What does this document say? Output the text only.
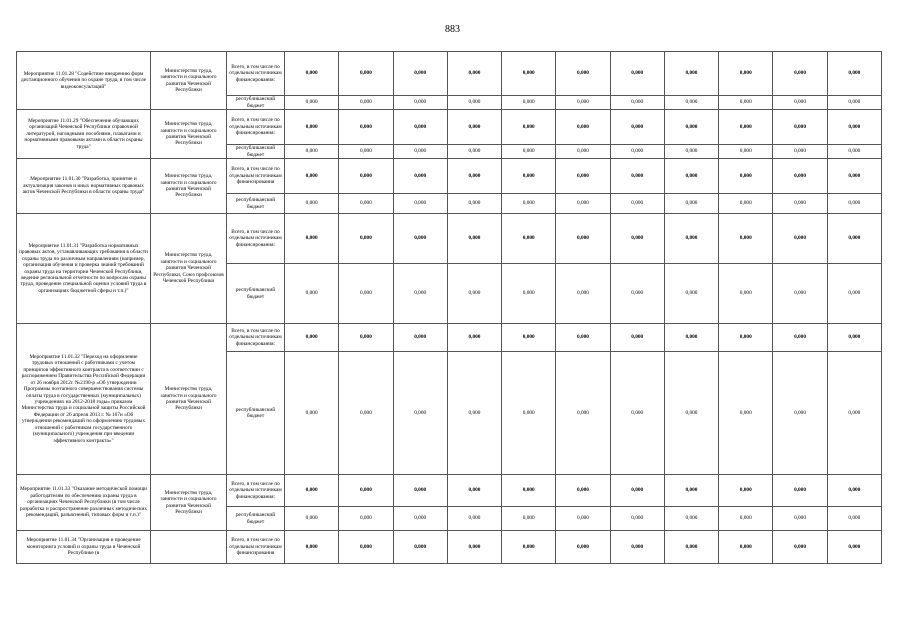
883
Мероприятие 11.01.28 "Содействие внедрению форм дистанционного обучения по охране труда, в том числе видеоконсультаций"	Министерство труда, занятости и социального развития Чеченской Республики	Всего, в том числе по отдельным источникам финансирования:	0,000	0,000	0,000	0,000	0,000	0,000	0,000	0,000	0,000	0,000	0,000
		республиканский бюджет	0,000	0,000	0,000	0,000	0,000	0,000	0,000	0,000	0,000	0,000	0,000
Мероприятие 11.01.29 "Обеспечение обучающих организаций Чеченской Республики справочной литературой, наглядными пособиями, плакатами и нормативными правовыми актами в области охраны труда"	Министерство труда, занятости и социального развития Чеченской Республики	Всего, в том числе по отдельным источникам финансирования:	0,000	0,000	0,000	0,000	0,000	0,000	0,000	0,000	0,000	0,000	0,000
		республиканский бюджет	0,000	0,000	0,000	0,000	0,000	0,000	0,000	0,000	0,000	0,000	0,000
Мероприятие 11.01.30 "Разработка, принятие и актуализация законов и иных нормативных правовых актов Чеченской Республики в области охраны труда"	Министерство труда, занятости и социального развития Чеченской Республики	Всего, в том числе по отдельным источникам финансирования	0,000	0,000	0,000	0,000	0,000	0,000	0,000	0,000	0,000	0,000	0,000
		республиканский бюджет	0,000	0,000	0,000	0,000	0,000	0,000	0,000	0,000	0,000	0,000	0,000
Мероприятие 11.01.31 "Разработка нормативных правовых актов, устанавливающих требования в области охраны труда по различным направлениям (например, организация обучения и проверка знаний требований охраны труда на территории Чеченской Республики, ведение региональной отчетности по вопросам охраны труда, проведение специальной оценки условий труда в организациях бюджетной сферы и т.п.)"	Министерство труда, занятости и социального развития Чеченской Республики, Союз профсоюзов Чеченской Республики	Всего, в том числе по отдельным источникам финансирования:	0,000	0,000	0,000	0,000	0,000	0,000	0,000	0,000	0,000	0,000	0,000
		республиканский бюджет	0,000	0,000	0,000	0,000	0,000	0,000	0,000	0,000	0,000	0,000	0,000
Мероприятие 11.01.32 "Переход на оформление трудовых отношений с работниками с учетом принципов эффективного контракта в соответствии с распоряжением Правительства Российской Федерации от 26 ноября 2012г. №2190-р «Об утверждении Программы поэтапного совершенствования системы оплаты труда в государственных (муниципальных) учреждениях на 2012-2018 годы» приказом Министерства труда и социальной защиты Российской Федерации от 26 апреля 2013 г. № 167н «Об утверждении рекомендаций по оформлению трудовых отношений с работником государственного (муниципального) учреждения при введении эффективного контракта»"	Министерство труда, занятости и социального развития Чеченской Республики	Всего, в том числе по отдельным источникам финансирования:	0,000	0,000	0,000	0,000	0,000	0,000	0,000	0,000	0,000	0,000	0,000
		республиканский бюджет	0,000	0,000	0,000	0,000	0,000	0,000	0,000	0,000	0,000	0,000	0,000
Мероприятие 11.01.33 "Оказание методической помощи работодателям по обеспечению охраны труда в организациях Чеченской Республики (в том числе разработка и распространение различных методических рекомендаций, разъяснений, типовых форм и т.п.)"	Министерство труда, занятости и социального развития Чеченской Республики	Всего, в том числе по отдельным источникам финансирования:	0,000	0,000	0,000	0,000	0,000	0,000	0,000	0,000	0,000	0,000	0,000
		республиканский бюджет	0,000	0,000	0,000	0,000	0,000	0,000	0,000	0,000	0,000	0,000	0,000
Мероприятие 11.01.34 "Организация и проведение мониторинга условий и охраны труда в Чеченской Республике (в		Всего, в том числе по отдельным источникам финансирования	0,000	0,000	0,000	0,000	0,000	0,000	0,000	0,000	0,000	0,000	0,000
